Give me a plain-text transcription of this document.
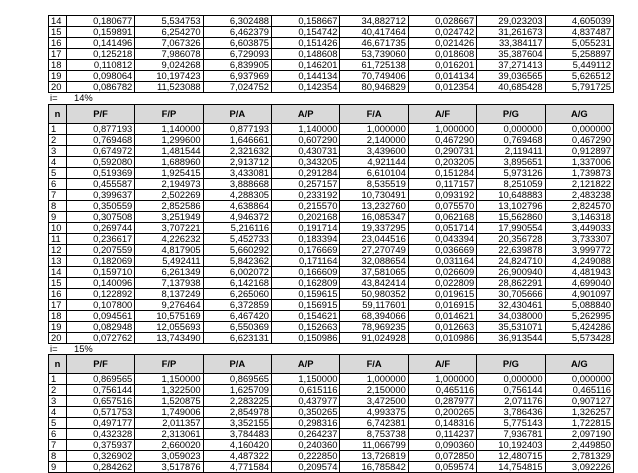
14	0,180677	5,534753	6,302488	0,158667	34,882712	0,028667	29,023203	4,605039
15	0,159891	6,254270	6,462379	0,154742	40,417464	0,024742	31,261673	4,837487
16	0,141496	7,067326	6,603875	0,151426	46,671735	0,021426	33,384117	5,055231
17	0,125218	7,986078	6,729093	0,148608	53,739060	0,018608	35,387604	5,258897
18	0,110812	9,024268	6,839905	0,146201	61,725138	0,016201	37,271413	5,449112
19	0,098064	10,197423	6,937969	0,144134	70,749406	0,014134	39,036565	5,626512
20	0,086782	11,523088	7,024752	0,142354	80,946829	0,012354	40,685428	5,791725
i= 14%
n	P/F	F/P	P/A	A/P	F/A	A/F	P/G	A/G
1	0,877193	1,140000	0,877193	1,140000	1,000000	1,000000	0,000000	0,000000
2	0,769468	1,299600	1,646661	0,607290	2,140000	0,467290	0,769468	0,467290
3	0,674972	1,481544	2,321632	0,430731	3,439600	0,290731	2,119411	0,912897
4	0,592080	1,688960	2,913712	0,343205	4,921144	0,203205	3,895651	1,337006
5	0,519369	1,925415	3,433081	0,291284	6,610104	0,151284	5,973126	1,739873
6	0,455587	2,194973	3,888668	0,257157	8,535519	0,117157	8,251059	2,121822
7	0,399637	2,502269	4,288305	0,233192	10,730491	0,093192	10,648883	2,483238
8	0,350559	2,852586	4,638864	0,215570	13,232760	0,075570	13,102796	2,824570
9	0,307508	3,251949	4,946372	0,202168	16,085347	0,062168	15,562860	3,146318
10	0,269744	3,707221	5,216116	0,191714	19,337295	0,051714	17,990554	3,449033
11	0,236617	4,226232	5,452733	0,183394	23,044516	0,043394	20,356728	3,733307
12	0,207559	4,817905	5,660292	0,176669	27,270749	0,036669	22,639878	3,999772
13	0,182069	5,492411	5,842362	0,171164	32,088654	0,031164	24,824710	4,249088
14	0,159710	6,261349	6,002072	0,166609	37,581065	0,026609	26,900940	4,481943
15	0,140096	7,137938	6,142168	0,162809	43,842414	0,022809	28,862291	4,699040
16	0,122892	8,137249	6,265060	0,159615	50,980352	0,019615	30,705666	4,901097
17	0,107800	9,276464	6,372859	0,156915	59,117601	0,016915	32,430461	5,088840
18	0,094561	10,575169	6,467420	0,154621	68,394066	0,014621	34,038000	5,262995
19	0,082948	12,055693	6,550369	0,152663	78,969235	0,012663	35,531071	5,424286
20	0,072762	13,743490	6,623131	0,150986	91,024928	0,010986	36,913544	5,573428
i= 15%
n	P/F	F/P	P/A	A/P	F/A	A/F	P/G	A/G
1	0,869565	1,150000	0,869565	1,150000	1,000000	1,000000	0,000000	0,000000
2	0,756144	1,322500	1,625709	0,615116	2,150000	0,465116	0,756144	0,465116
3	0,657516	1,520875	2,283225	0,437977	3,472500	0,287977	2,071176	0,907127
4	0,571753	1,749006	2,854978	0,350265	4,993375	0,200265	3,786436	1,326257
5	0,497177	2,011357	3,352155	0,298316	6,742381	0,148316	5,775143	1,722815
6	0,432328	2,313061	3,784483	0,264237	8,753738	0,114237	7,936781	2,097190
7	0,375937	2,660020	4,160420	0,240360	11,066799	0,090360	10,192403	2,449850
8	0,326902	3,059023	4,487322	0,222850	13,726819	0,072850	12,480715	2,781329
9	0,284262	3,517876	4,771584	0,209574	16,785842	0,059574	14,754815	3,092226
